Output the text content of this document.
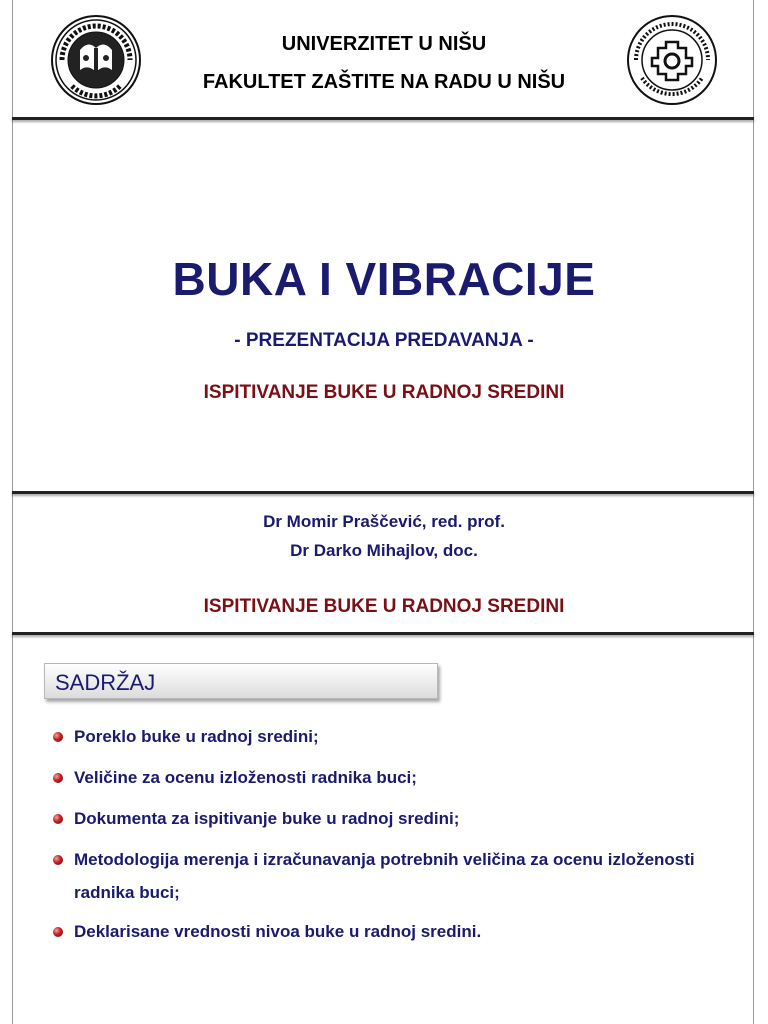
UNIVERZITET U NIŠU
FAKULTET ZAŠTITE NA RADU U NIŠU
BUKA I VIBRACIJE
- PREZENTACIJA PREDAVANJA -
ISPITIVANJE BUKE U RADNOJ SREDINI
Dr Momir Praščević, red. prof.
Dr Darko Mihajlov, doc.
ISPITIVANJE BUKE U RADNOJ SREDINI
SADRŽAJ
Poreklo buke u radnoj sredini;
Veličine za ocenu izloženosti radnika buci;
Dokumenta za ispitivanje buke u radnoj sredini;
Metodologija merenja i izračunavanja potrebnih veličina za ocenu izloženosti radnika buci;
Deklarisane vrednosti nivoa buke u radnoj sredini.
